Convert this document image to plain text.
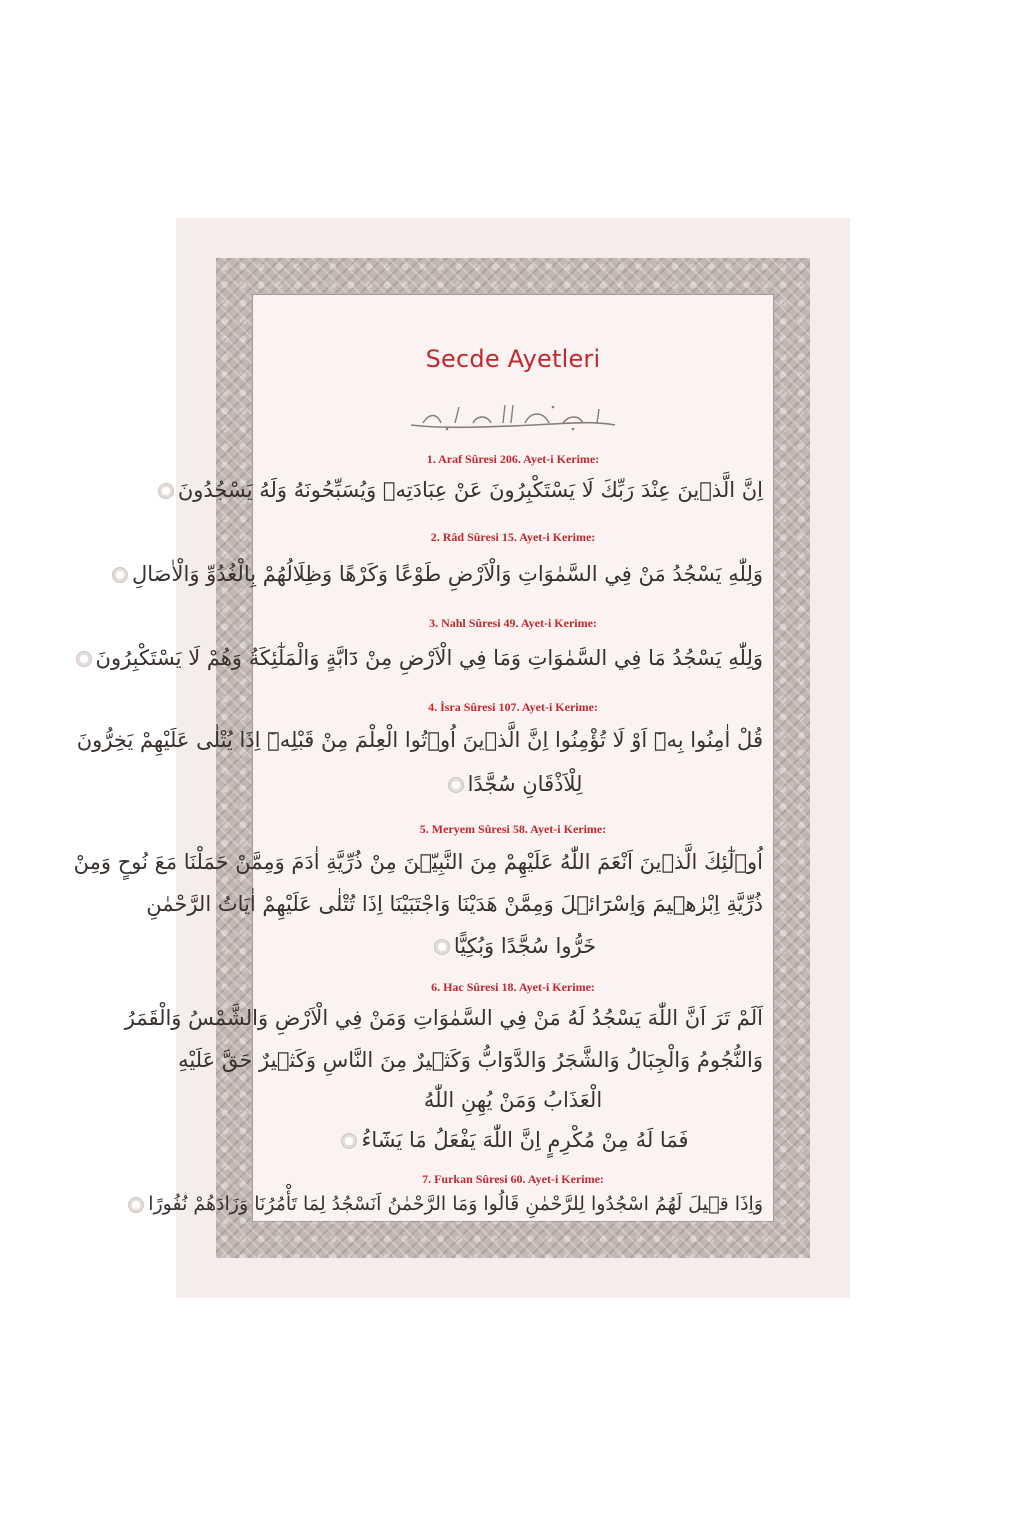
Secde Ayetleri
1. Araf Sûresi 206. Ayet-i Kerime:
اِنَّ الَّذ۪ينَ عِنْدَ رَبِّكَ لَا يَسْتَكْبِرُونَ عَنْ عِبَادَتِه۪ وَيُسَبِّحُونَهُ وَلَهُ يَسْجُدُونَ
2. Râd Sûresi 15. Ayet-i Kerime:
وَلِلّٰهِ يَسْجُدُ مَنْ فِي السَّمٰوَاتِ وَالْاَرْضِ طَوْعًا وَكَرْهًا وَظِلَالُهُمْ بِالْغُدُوِّ وَالْاٰصَالِ
3. Nahl Sûresi 49. Ayet-i Kerime:
وَلِلّٰهِ يَسْجُدُ مَا فِي السَّمٰوَاتِ وَمَا فِي الْاَرْضِ مِنْ دَٓابَّةٍ وَالْمَلٰٓئِكَةُ وَهُمْ لَا يَسْتَكْبِرُونَ
4. İsra Sûresi 107. Ayet-i Kerime:
قُلْ اٰمِنُوا بِه۪ٓ اَوْ لَا تُؤْمِنُوا اِنَّ الَّذ۪ينَ اُو۫تُوا الْعِلْمَ مِنْ قَبْلِه۪ٓ اِذَا يُتْلٰى عَلَيْهِمْ يَخِرُّونَ
لِلْاَذْقَانِ سُجَّدًا
5. Meryem Sûresi 58. Ayet-i Kerime:
اُو۬لٰٓئِكَ الَّذ۪ينَ اَنْعَمَ اللّٰهُ عَلَيْهِمْ مِنَ النَّبِيّ۪نَ مِنْ ذُرِّيَّةِ اٰدَمَ وَمِمَّنْ حَمَلْنَا مَعَ نُوحٍ وَمِنْ
ذُرِّيَّةِ اِبْرٰه۪يمَ وَاِسْرَٓائ۪لَ وَمِمَّنْ هَدَيْنَا وَاجْتَبَيْنَا اِذَا تُتْلٰى عَلَيْهِمْ اٰيَاتُ الرَّحْمٰنِ
خَرُّوا سُجَّدًا وَبُكِيًّا
6. Hac Sûresi 18. Ayet-i Kerime:
اَلَمْ تَرَ اَنَّ اللّٰهَ يَسْجُدُ لَهُ مَنْ فِي السَّمٰوَاتِ وَمَنْ فِي الْاَرْضِ وَالشَّمْسُ وَالْقَمَرُ
وَالنُّجُومُ وَالْجِبَالُ وَالشَّجَرُ وَالدَّوَٓابُّ وَكَث۪يرٌ مِنَ النَّاسِ وَكَث۪يرٌ حَقَّ عَلَيْهِ
الْعَذَابُ وَمَنْ يُهِنِ اللّٰهُ
فَمَا لَهُ مِنْ مُكْرِمٍ اِنَّ اللّٰهَ يَفْعَلُ مَا يَشَٓاءُ
7. Furkan Sûresi 60. Ayet-i Kerime:
وَاِذَا ق۪يلَ لَهُمُ اسْجُدُوا لِلرَّحْمٰنِ قَالُوا وَمَا الرَّحْمٰنُ اَنَسْجُدُ لِمَا تَأْمُرُنَا وَزَادَهُمْ نُفُورًا
